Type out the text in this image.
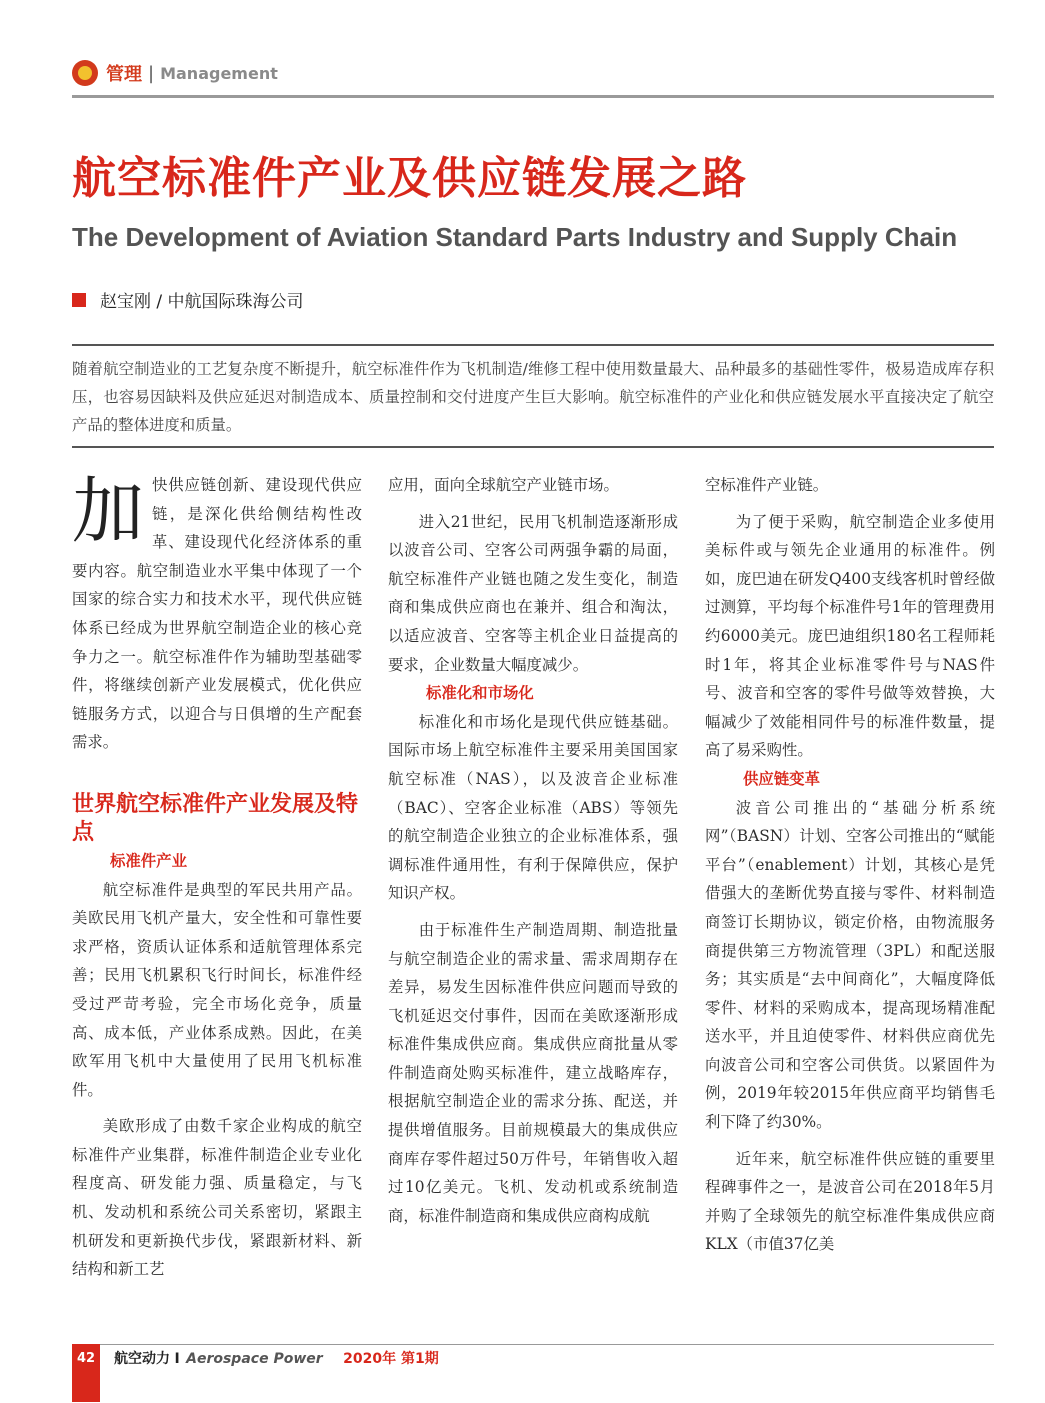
管理 | Management
航空标准件产业及供应链发展之路
The Development of Aviation Standard Parts Industry and Supply Chain
赵宝刚 / 中航国际珠海公司

随着航空制造业的工艺复杂度不断提升，航空标准件作为飞机制造/维修工程中使用数量最大、品种最多的基础性零件，极易造成库存积压，也容易因缺料及供应延迟对制造成本、质量控制和交付进度产生巨大影响。航空标准件的产业化和供应链发展水平直接决定了航空产品的整体进度和质量。

加 快供应链创新、建设现代供应链，是深化供给侧结构性改革、建设现代化经济体系的重要内容。航空制造业水平集中体现了一个国家的综合实力和技术水平，现代供应链体系已经成为世界航空制造企业的核心竞争力之一。航空标准件作为辅助型基础零件，将继续创新产业发展模式，优化供应链服务方式，以迎合与日俱增的生产配套需求。

世界航空标准件产业发展及特点
标准件产业

航空标准件是典型的军民共用产品。美欧民用飞机产量大，安全性和可靠性要求严格，资质认证体系和适航管理体系完善；民用飞机累积飞行时间长，标准件经受过严苛考验，完全市场化竞争，质量高、成本低，产业体系成熟。因此，在美欧军用飞机中大量使用了民用飞机标准件。

美欧形成了由数千家企业构成的航空标准件产业集群，标准件制造企业专业化程度高、研发能力强、质量稳定，与飞机、发动机和系统公司关系密切，紧跟主机研发和更新换代步伐，紧跟新材料、新结构和新工艺

应用，面向全球航空产业链市场。

进入21世纪，民用飞机制造逐渐形成以波音公司、空客公司两强争霸的局面，航空标准件产业链也随之发生变化，制造商和集成供应商也在兼并、组合和淘汰，以适应波音、空客等主机企业日益提高的要求，企业数量大幅度减少。

标准化和市场化

标准化和市场化是现代供应链基础。国际市场上航空标准件主要采用美国国家航空标准（NAS），以及波音企业标准（BAC）、空客企业标准（ABS）等领先的航空制造企业独立的企业标准体系，强调标准件通用性，有利于保障供应，保护知识产权。

由于标准件生产制造周期、制造批量与航空制造企业的需求量、需求周期存在差异，易发生因标准件供应问题而导致的飞机延迟交付事件，因而在美欧逐渐形成标准件集成供应商。集成供应商批量从零件制造商处购买标准件，建立战略库存，根据航空制造企业的需求分拣、配送，并提供增值服务。目前规模最大的集成供应商库存零件超过50万件号，年销售收入超过10亿美元。飞机、发动机或系统制造商，标准件制造商和集成供应商构成航

空标准件产业链。

为了便于采购，航空制造企业多使用美标件或与领先企业通用的标准件。例如，庞巴迪在研发Q400支线客机时曾经做过测算，平均每个标准件号1年的管理费用约6000美元。庞巴迪组织180名工程师耗时1年，将其企业标准零件号与NAS件号、波音和空客的零件号做等效替换，大幅减少了效能相同件号的标准件数量，提高了易采购性。

供应链变革

波音公司推出的“基础分析系统网”（BASN）计划、空客公司推出的“赋能平台”（enablement）计划，其核心是凭借强大的垄断优势直接与零件、材料制造商签订长期协议，锁定价格，由物流服务商提供第三方物流管理（3PL）和配送服务；其实质是“去中间商化”，大幅度降低零件、材料的采购成本，提高现场精准配送水平，并且迫使零件、材料供应商优先向波音公司和空客公司供货。以紧固件为例，2019年较2015年供应商平均销售毛利下降了约30%。

近年来，航空标准件供应链的重要里程碑事件之一，是波音公司在2018年5月并购了全球领先的航空标准件集成供应商KLX（市值37亿美

42	航空动力 I Aerospace Power 2020年 第1期
